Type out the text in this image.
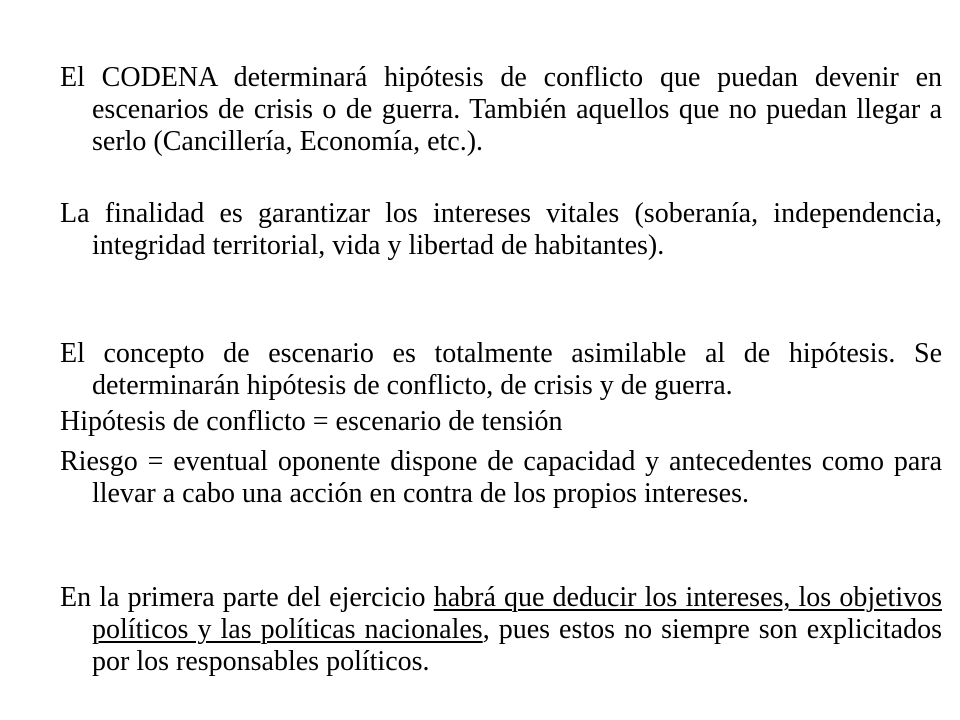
El CODENA determinará hipótesis de conflicto que puedan devenir en escenarios de crisis o de guerra. También aquellos que no puedan llegar a serlo (Cancillería, Economía, etc.).

La finalidad es garantizar los intereses vitales (soberanía, independencia, integridad territorial, vida y libertad de habitantes).

El concepto de escenario es totalmente asimilable al de hipótesis. Se determinarán hipótesis de conflicto, de crisis y de guerra.

Hipótesis de conflicto = escenario de tensión

Riesgo = eventual oponente dispone de capacidad y antecedentes como para llevar a cabo una acción en contra de los propios intereses.

En la primera parte del ejercicio habrá que deducir los intereses, los objetivos políticos y las políticas nacionales, pues estos no siempre son explicitados por los responsables políticos.
